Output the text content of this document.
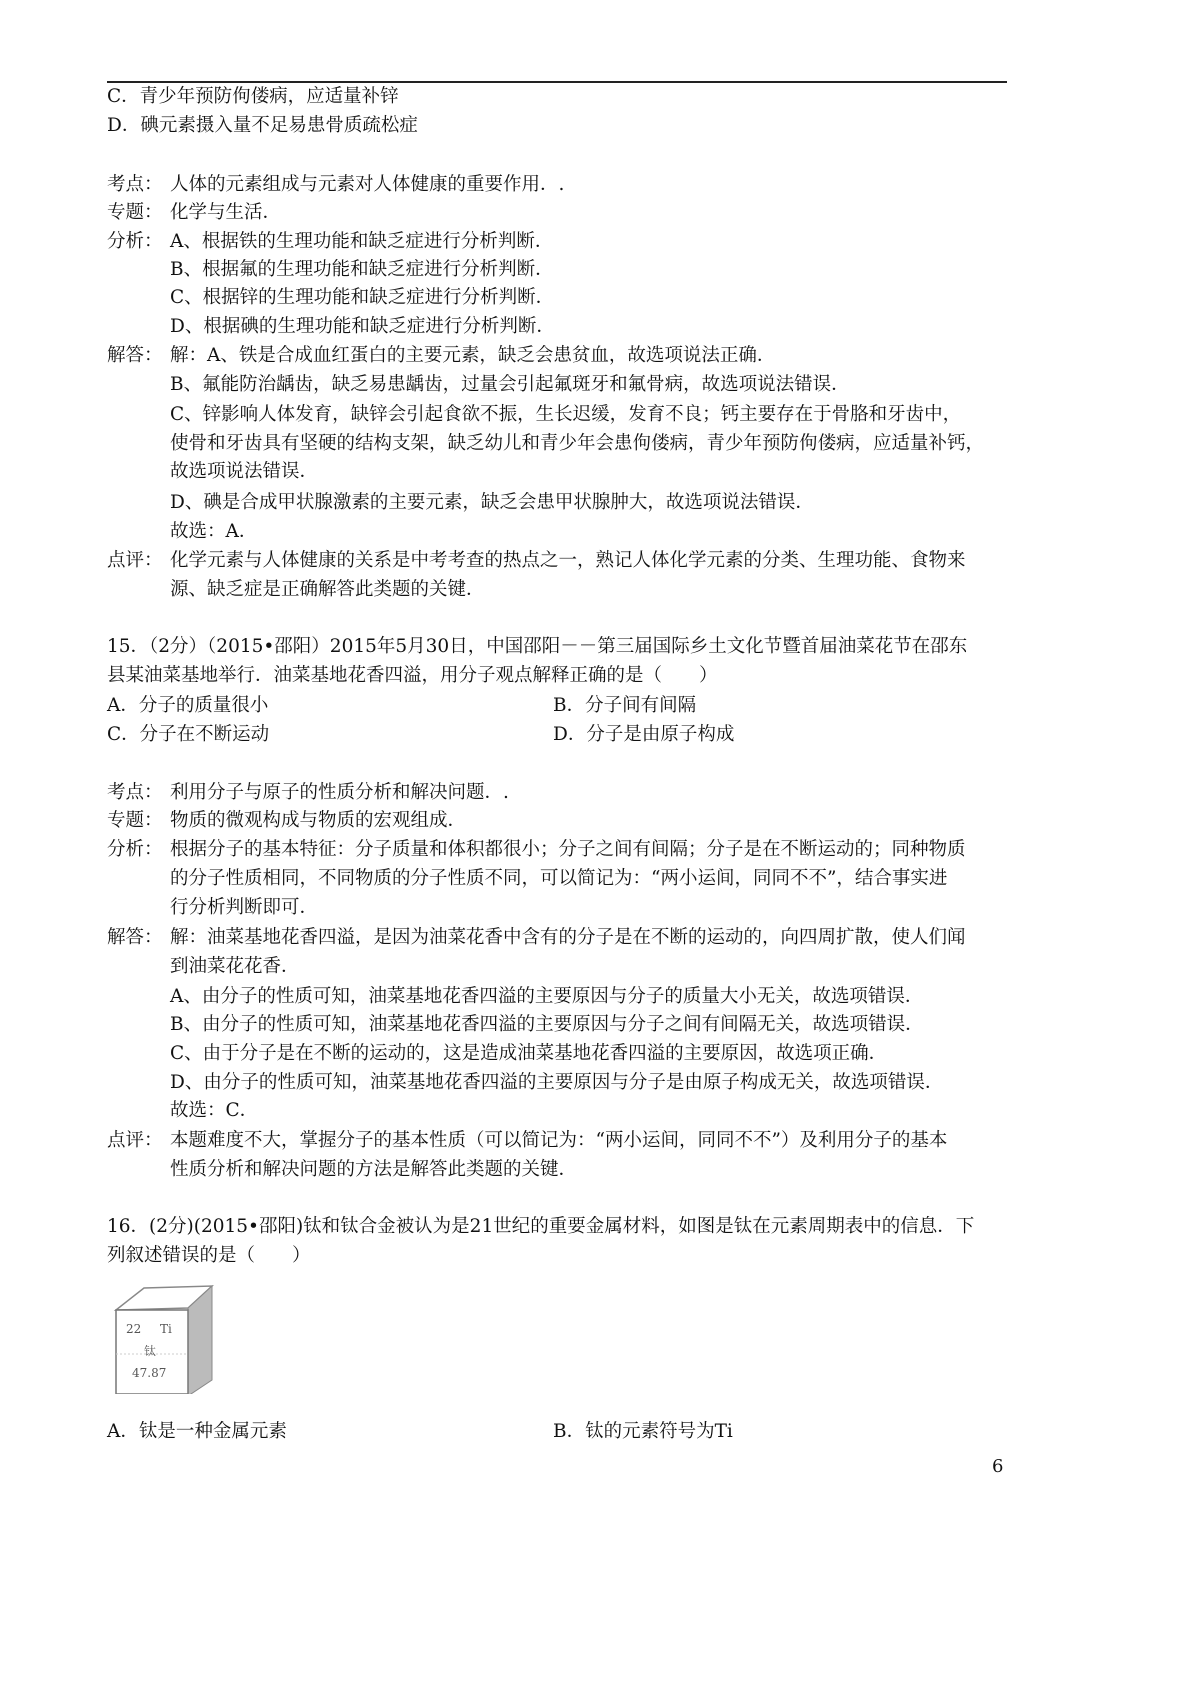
C．青少年预防佝偻病，应适量补锌
D．碘元素摄入量不足易患骨质疏松症
考点： 人体的元素组成与元素对人体健康的重要作用．.
专题： 化学与生活．
分析： A、根据铁的生理功能和缺乏症进行分析判断．
B、根据氟的生理功能和缺乏症进行分析判断．
C、根据锌的生理功能和缺乏症进行分析判断．
D、根据碘的生理功能和缺乏症进行分析判断．
解答： 解：A、铁是合成血红蛋白的主要元素，缺乏会患贫血，故选项说法正确．
B、氟能防治龋齿，缺乏易患龋齿，过量会引起氟斑牙和氟骨病，故选项说法错误．
C、锌影响人体发育，缺锌会引起食欲不振，生长迟缓，发育不良；钙主要存在于骨胳和牙齿中，
使骨和牙齿具有坚硬的结构支架，缺乏幼儿和青少年会患佝偻病，青少年预防佝偻病，应适量补钙，
故选项说法错误．
D、碘是合成甲状腺激素的主要元素，缺乏会患甲状腺肿大，故选项说法错误．
故选：A．
点评： 化学元素与人体健康的关系是中考考查的热点之一，熟记人体化学元素的分类、生理功能、食物来
源、缺乏症是正确解答此类题的关键．
15．（2分）（2015•邵阳）2015年5月30日，中国邵阳－－第三届国际乡土文化节暨首届油菜花节在邵东
县某油菜基地举行．油菜基地花香四溢，用分子观点解释正确的是（　　）
A．分子的质量很小	B．分子间有间隔
C．分子在不断运动	D．分子是由原子构成
考点： 利用分子与原子的性质分析和解决问题．.
专题： 物质的微观构成与物质的宏观组成．
分析： 根据分子的基本特征：分子质量和体积都很小；分子之间有间隔；分子是在不断运动的；同种物质
的分子性质相同，不同物质的分子性质不同，可以简记为：“两小运间，同同不不”，结合事实进
行分析判断即可．
解答： 解：油菜基地花香四溢，是因为油菜花香中含有的分子是在不断的运动的，向四周扩散，使人们闻
到油菜花花香．
A、由分子的性质可知，油菜基地花香四溢的主要原因与分子的质量大小无关，故选项错误．
B、由分子的性质可知，油菜基地花香四溢的主要原因与分子之间有间隔无关，故选项错误．
C、由于分子是在不断的运动的，这是造成油菜基地花香四溢的主要原因，故选项正确．
D、由分子的性质可知，油菜基地花香四溢的主要原因与分子是由原子构成无关，故选项错误．
故选：C．
点评： 本题难度不大，掌握分子的基本性质（可以简记为：“两小运间，同同不不”）及利用分子的基本
性质分析和解决问题的方法是解答此类题的关键．
16．(2分)(2015•邵阳)钛和钛合金被认为是21世纪的重要金属材料，如图是钛在元素周期表中的信息．下
列叙述错误的是（　　）
A．钛是一种金属元素	B．钛的元素符号为Ti
22 Ti
钛
47.87
6
